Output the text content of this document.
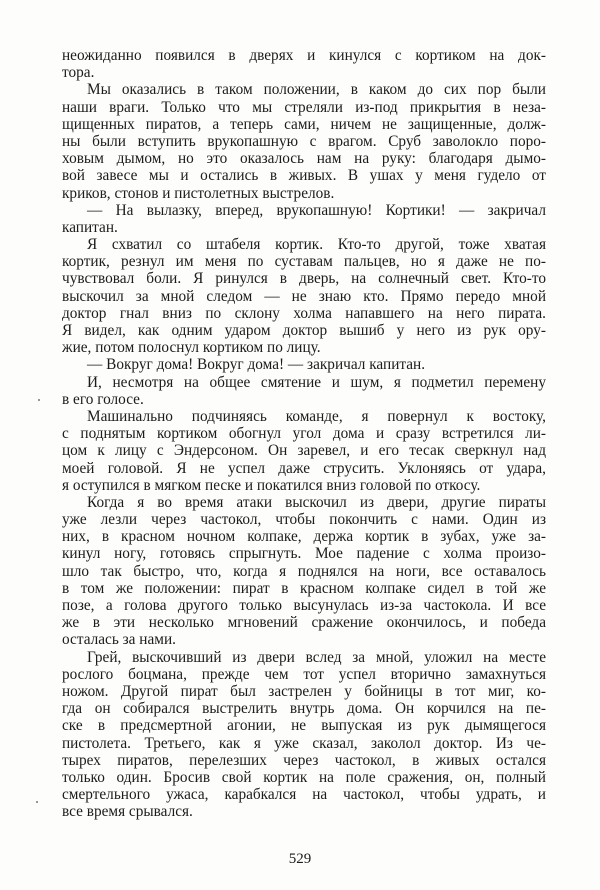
неожиданно появился в дверях и кинулся с кортиком на док-
тора.
Мы оказались в таком положении, в каком до сих пор были
наши враги. Только что мы стреляли из-под прикрытия в неза-
щищенных пиратов, а теперь сами, ничем не защищенные, долж-
ны были вступить врукопашную с врагом. Сруб заволокло поро-
ховым дымом, но это оказалось нам на руку: благодаря дымо-
вой завесе мы и остались в живых. В ушах у меня гудело от
криков, стонов и пистолетных выстрелов.
— На вылазку, вперед, врукопашную! Кортики! — закричал
капитан.
Я схватил со штабеля кортик. Кто-то другой, тоже хватая
кортик, резнул им меня по суставам пальцев, но я даже не по-
чувствовал боли. Я ринулся в дверь, на солнечный свет. Кто-то
выскочил за мной следом — не знаю кто. Прямо передо мной
доктор гнал вниз по склону холма напавшего на него пирата.
Я видел, как одним ударом доктор вышиб у него из рук ору-
жие, потом полоснул кортиком по лицу.
— Вокруг дома! Вокруг дома! — закричал капитан.
И, несмотря на общее смятение и шум, я подметил перемену
в его голосе.
Машинально подчиняясь команде, я повернул к востоку,
с поднятым кортиком обогнул угол дома и сразу встретился ли-
цом к лицу с Эндерсоном. Он заревел, и его тесак сверкнул над
моей головой. Я не успел даже струсить. Уклоняясь от удара,
я оступился в мягком песке и покатился вниз головой по откосу.
Когда я во время атаки выскочил из двери, другие пираты
уже лезли через частокол, чтобы покончить с нами. Один из
них, в красном ночном колпаке, держа кортик в зубах, уже за-
кинул ногу, готовясь спрыгнуть. Мое падение с холма произо-
шло так быстро, что, когда я поднялся на ноги, все оставалось
в том же положении: пират в красном колпаке сидел в той же
позе, а голова другого только высунулась из-за частокола. И все
же в эти несколько мгновений сражение окончилось, и победа
осталась за нами.
Грей, выскочивший из двери вслед за мной, уложил на месте
рослого боцмана, прежде чем тот успел вторично замахнуться
ножом. Другой пират был застрелен у бойницы в тот миг, ко-
гда он собирался выстрелить внутрь дома. Он корчился на пе-
ске в предсмертной агонии, не выпуская из рук дымящегося
пистолета. Третьего, как я уже сказал, заколол доктор. Из че-
тырех пиратов, перелезших через частокол, в живых остался
только один. Бросив свой кортик на поле сражения, он, полный
смертельного ужаса, карабкался на частокол, чтобы удрать, и
все время срывался.
529
